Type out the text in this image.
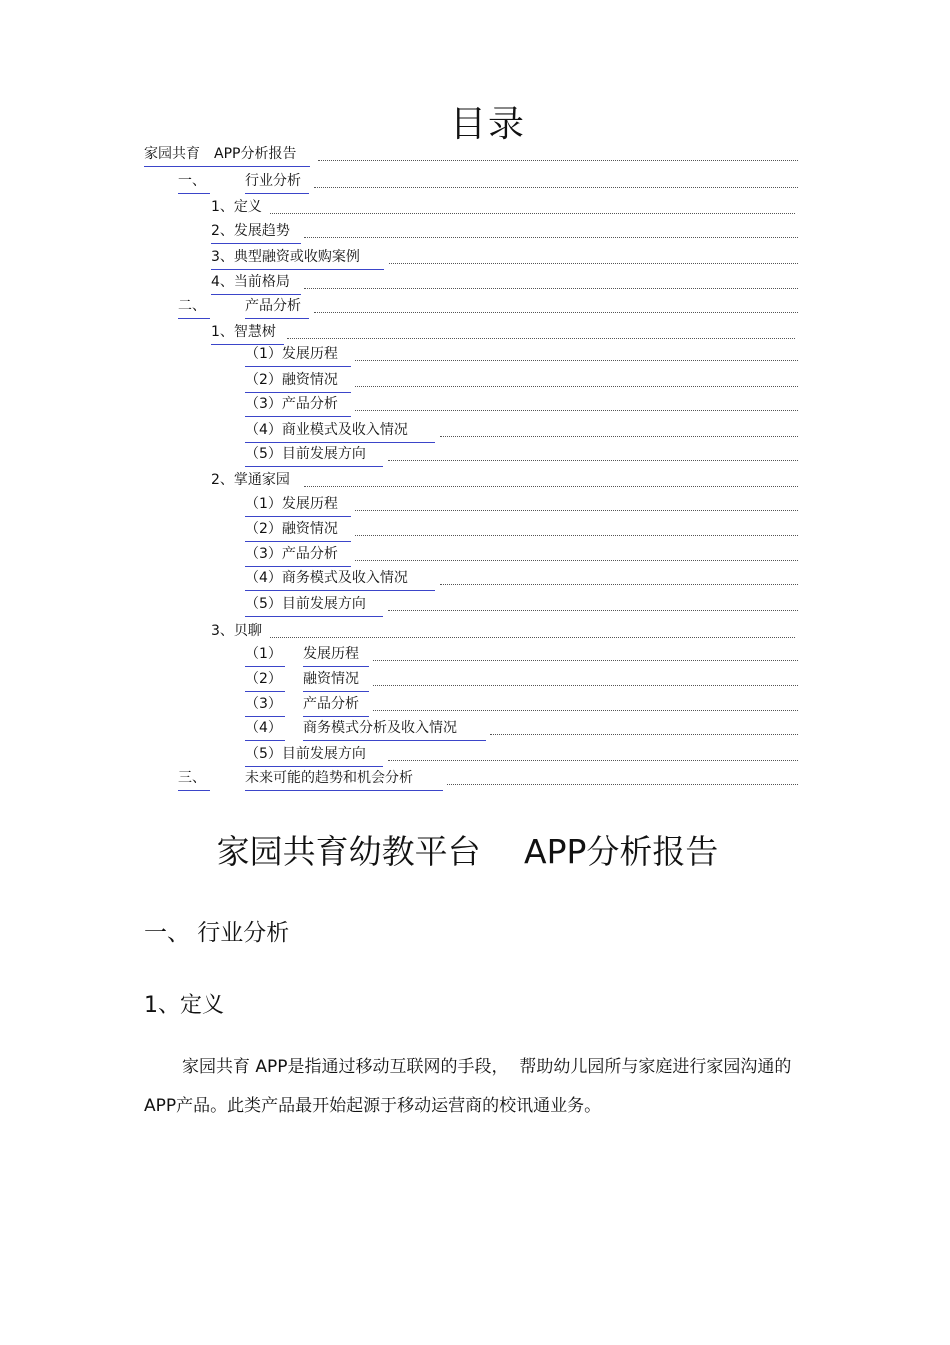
目录
家园共育　APP分析报告
一、	行业分析
1、定义
2、发展趋势
3、典型融资或收购案例
4、当前格局
二、	产品分析
1、智慧树
（1）发展历程
（2）融资情况
（3）产品分析
（4）商业模式及收入情况
（5）目前发展方向
2、掌通家园
（1）发展历程
（2）融资情况
（3）产品分析
（4）商务模式及收入情况
（5）目前发展方向
3、贝聊
（1） 发展历程
（2） 融资情况
（3） 产品分析
（4） 商务模式分析及收入情况
（5）目前发展方向
三、	未来可能的趋势和机会分析
家园共育幼教平台　 APP分析报告
一、 行业分析
1、定义

家园共育 APP是指通过移动互联网的手段，  帮助幼儿园所与家庭进行家园沟通的 APP产品。此类产品最开始起源于移动运营商的校讯通业务。
